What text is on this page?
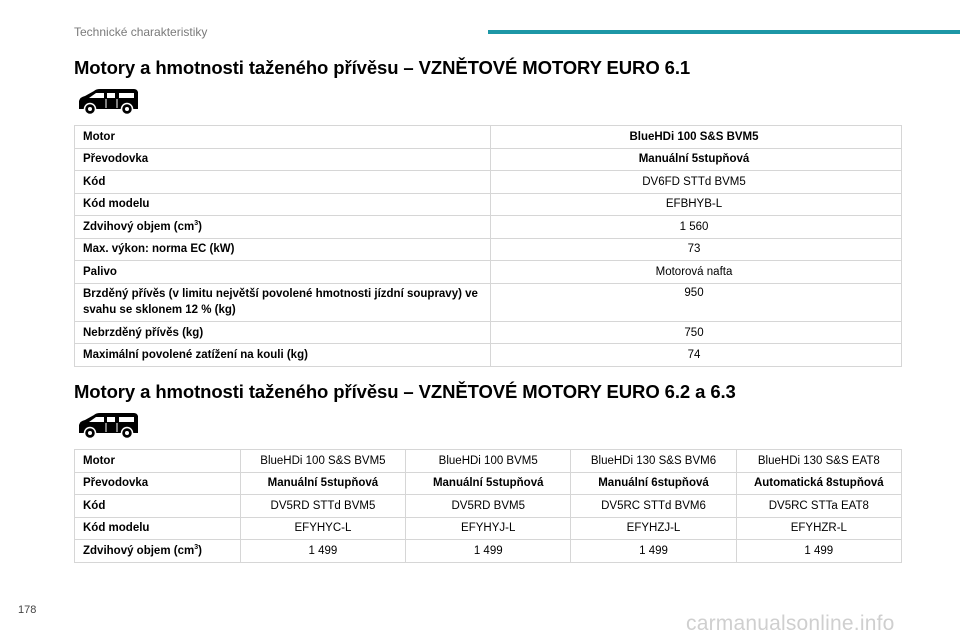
Technické charakteristiky
Motory a hmotnosti taženého přívěsu – VZNĚTOVÉ MOTORY EURO 6.1
Motor	BlueHDi 100 S&S BVM5
Převodovka	Manuální 5stupňová
Kód	DV6FD STTd BVM5
Kód modelu	EFBHYB-L
Zdvihový objem $(cm^3)$	1 560
Max. výkon: norma EC (kW)	73
Palivo	Motorová nafta
Brzděný přívěs (v limitu největší povolené hmotnosti jízdní soupravy) ve svahu se sklonem 12 % (kg)	950
Nebrzděný přívěs (kg)	750
Maximální povolené zatížení na kouli (kg)	74
Motory a hmotnosti taženého přívěsu – VZNĚTOVÉ MOTORY EURO 6.2 a 6.3
Motor	BlueHDi 100 S&S BVM5	BlueHDi 100 BVM5	BlueHDi 130 S&S BVM6	BlueHDi 130 S&S EAT8
Převodovka	Manuální 5stupňová	Manuální 5stupňová	Manuální 6stupňová	Automatická 8stupňová
Kód	DV5RD STTd BVM5	DV5RD BVM5	DV5RC STTd BVM6	DV5RC STTa EAT8
Kód modelu	EFYHYC-L	EFYHYJ-L	EFYHZJ-L	EFYHZR-L
Zdvihový objem $(cm^3)$	1 499	1 499	1 499	1 499
178
carmanualsonline.info
